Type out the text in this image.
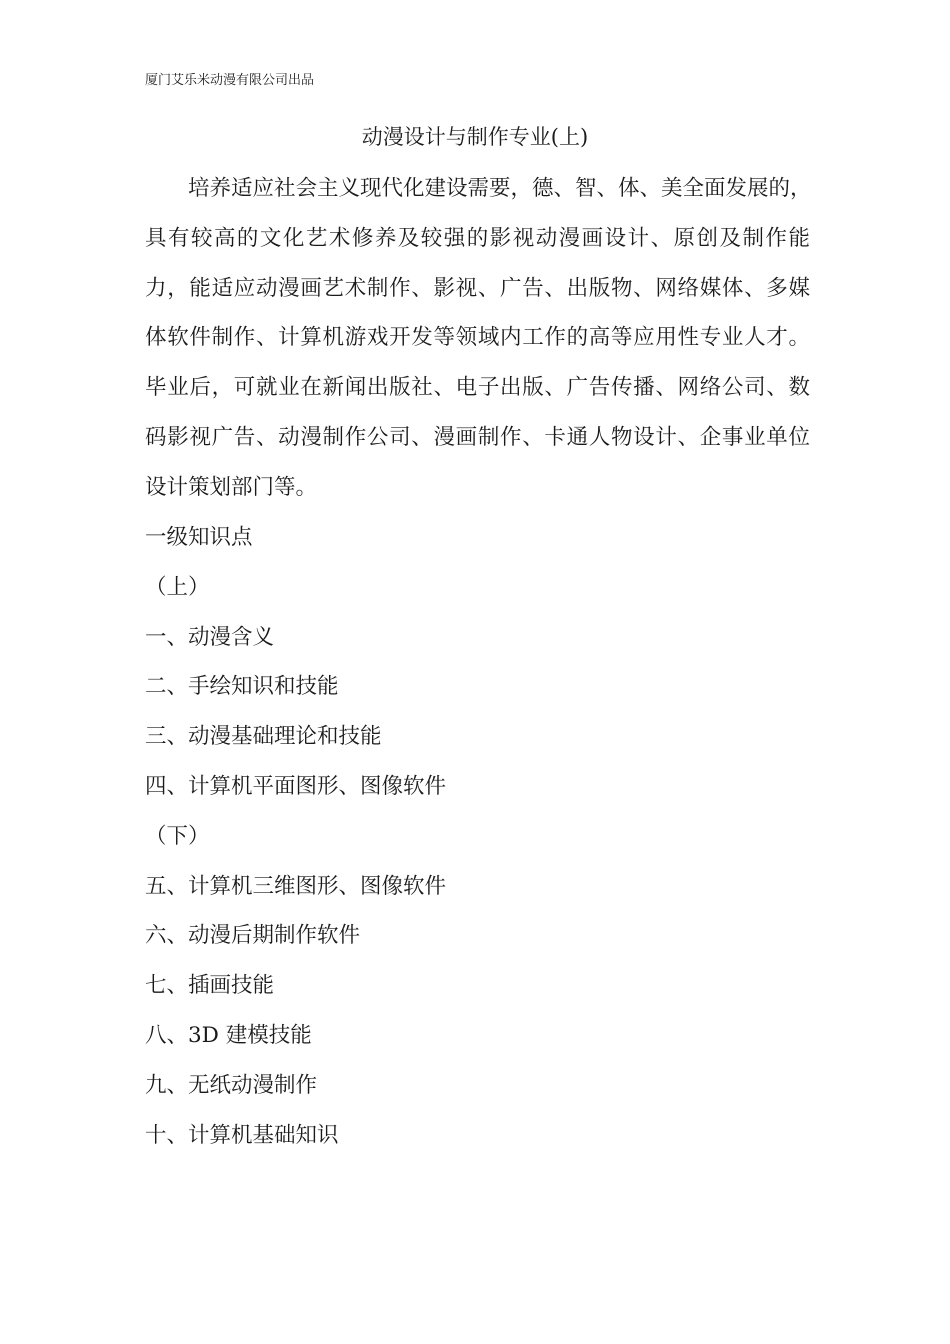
厦门艾乐米动漫有限公司出品
动漫设计与制作专业(上)
培养适应社会主义现代化建设需要，德、智、体、美全面发展的，
具有较高的文化艺术修养及较强的影视动漫画设计、原创及制作能
力，能适应动漫画艺术制作、影视、广告、出版物、网络媒体、多媒
体软件制作、计算机游戏开发等领域内工作的高等应用性专业人才。
毕业后，可就业在新闻出版社、电子出版、广告传播、网络公司、数
码影视广告、动漫制作公司、漫画制作、卡通人物设计、企事业单位
设计策划部门等。
一级知识点
（上）
一、动漫含义
二、手绘知识和技能
三、动漫基础理论和技能
四、计算机平面图形、图像软件
（下）
五、计算机三维图形、图像软件
六、动漫后期制作软件
七、插画技能
八、3D 建模技能
九、无纸动漫制作
十、计算机基础知识
